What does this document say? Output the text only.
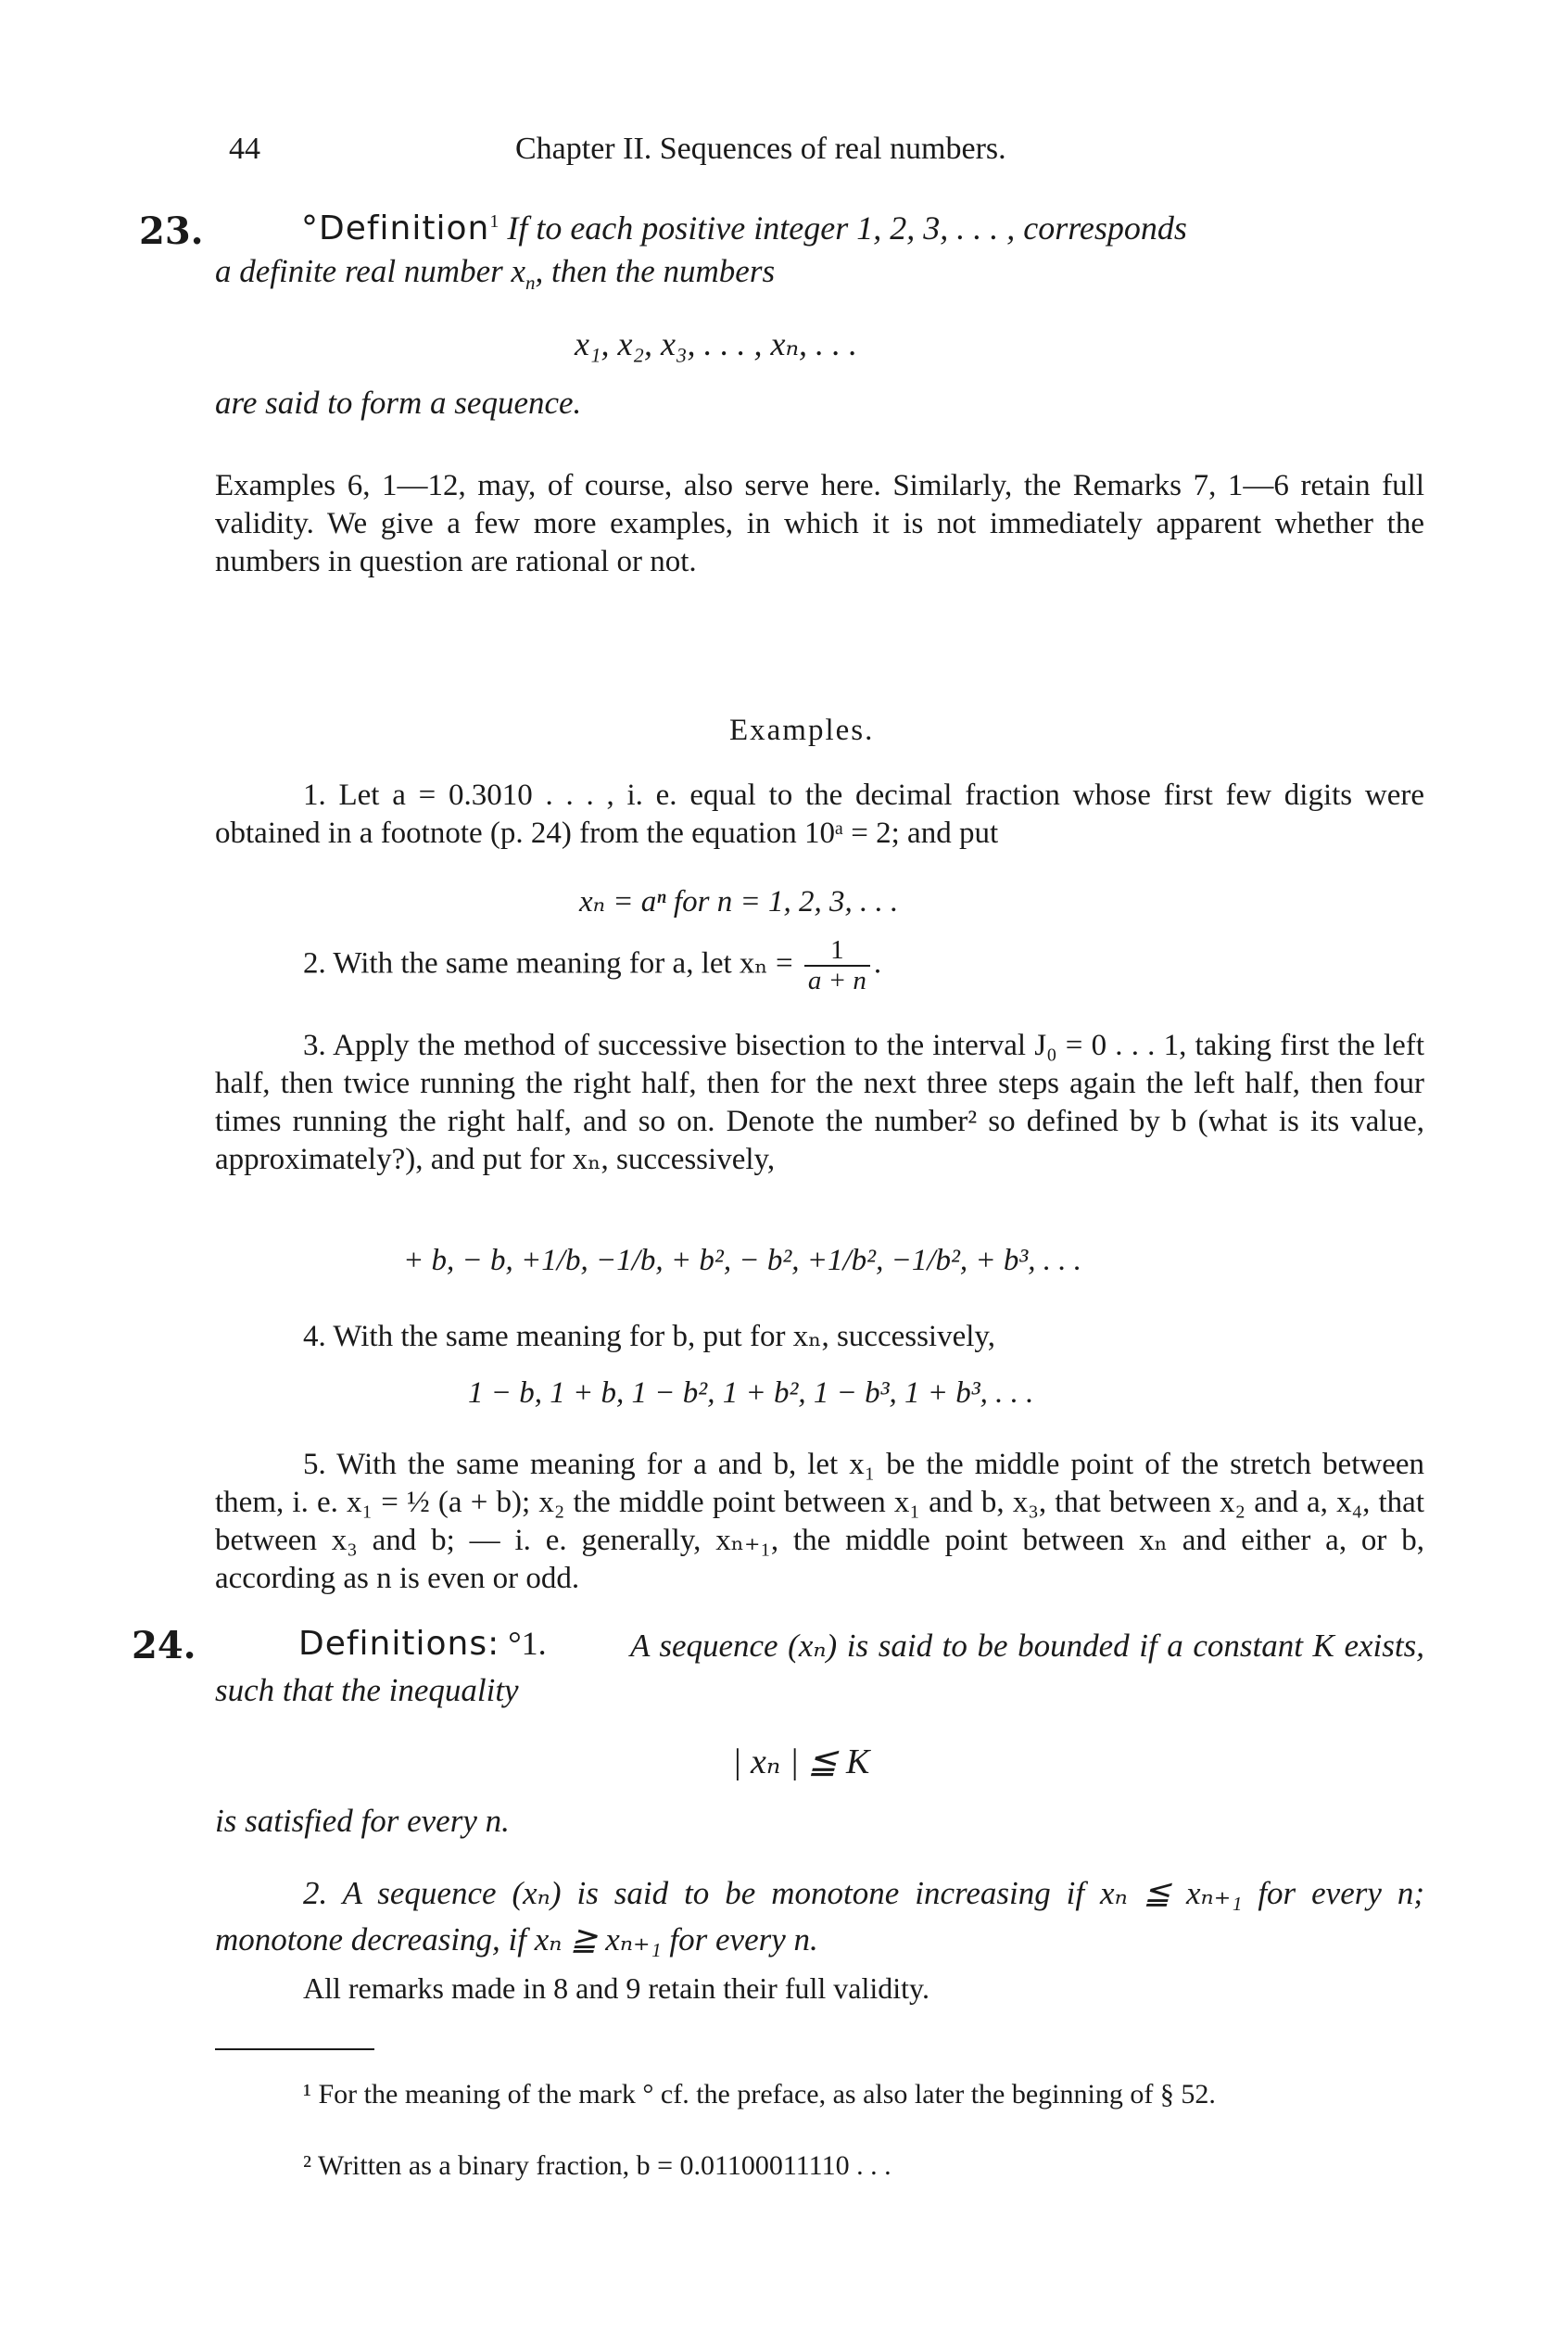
44	Chapter II. Sequences of real numbers.
23.	°Definition$^1$ If to each positive integer 1, 2, 3, . . . , corresponds
a definite real number $x_n$, then the numbers
x₁, x₂, x₃, . . . , xₙ, . . .
are said to form a sequence.
Examples 6, 1—12, may, of course, also serve here. Similarly, the Remarks 7, 1—6 retain full validity. We give a few more examples, in which it is not immediately apparent whether the numbers in question are rational or not.
Examples.
1. Let a = 0.3010 . . . , i. e. equal to the decimal fraction whose first few digits were obtained in a footnote (p. 24) from the equation 10ᵃ = 2; and put
xₙ = aⁿ for n = 1, 2, 3, . . .
2. With the same meaning for a, let $x_n = \frac{1}{a + n}$ .
3. Apply the method of successive bisection to the interval J₀ = 0 . . . 1, taking first the left half, then twice running the right half, then for the next three steps again the left half, then four times running the right half, and so on. Denote the number² so defined by b (what is its value, approximately?), and put for xₙ, successively,
+ b, − b, +1/b, −1/b, + b², − b², +1/b², −1/b², + b³, . . .
4. With the same meaning for b, put for xₙ, successively,
1 − b, 1 + b, 1 − b², 1 + b², 1 − b³, 1 + b³, . . .
5. With the same meaning for a and b, let x₁ be the middle point of the stretch between them, i. e. x₁ = ½ (a + b); x₂ the middle point between x₁ and b, x₃, that between x₂ and a, x₄, that between x₃ and b; — i. e. generally, xₙ₊₁, the middle point between xₙ and either a, or b, according as n is even or odd.
24.	Definitions: °1.	A sequence (xₙ) is said to be bounded if a constant K exists, such that the inequality
| xₙ | ≦ K
is satisfied for every n.
2. A sequence (xₙ) is said to be monotone increasing if xₙ ≦ xₙ₊₁ for every n; monotone decreasing, if xₙ ≧ xₙ₊₁ for every n.
All remarks made in 8 and 9 retain their full validity.
¹ For the meaning of the mark ° cf. the preface, as also later the beginning of § 52.
² Written as a binary fraction, b = 0.01100011110 . . .
